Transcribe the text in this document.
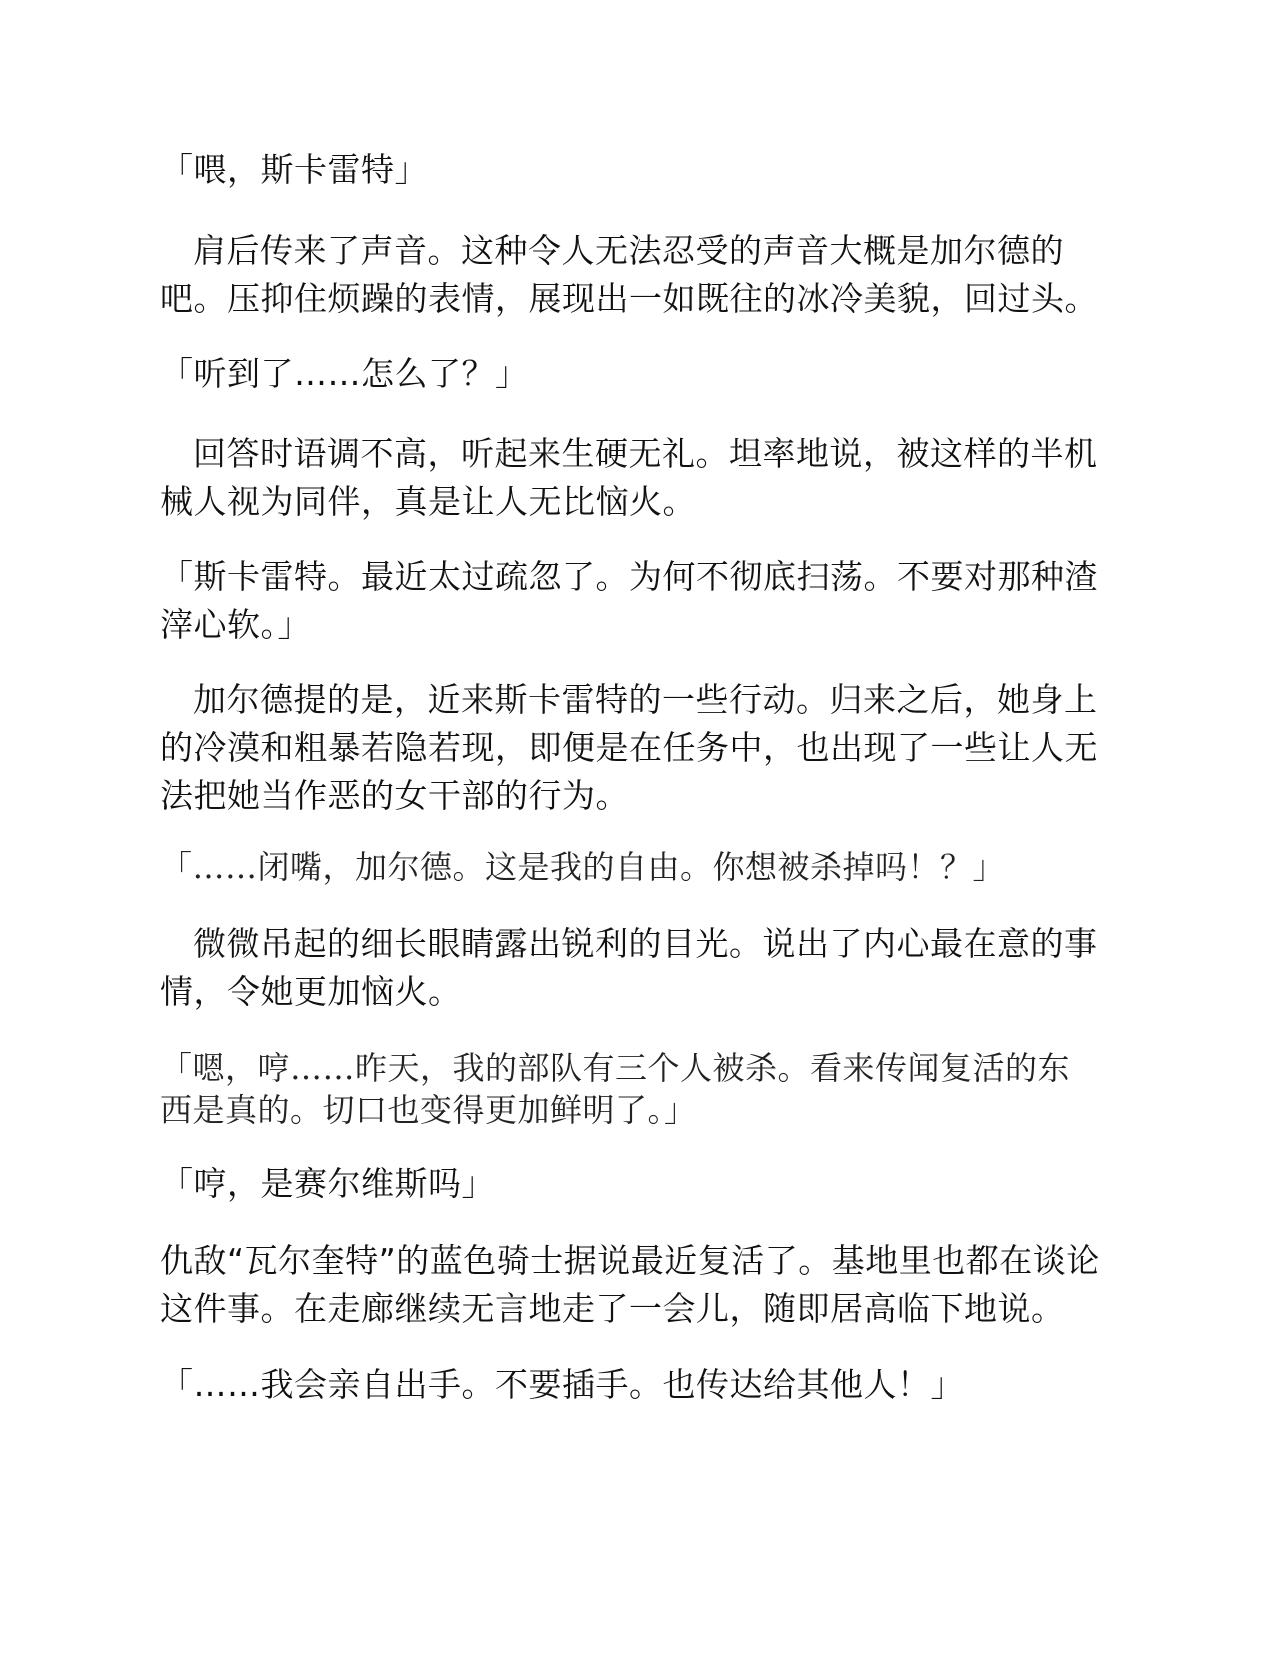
「喂，斯卡雷特」

肩后传来了声音。这种令人无法忍受的声音大概是加尔德的吧。压抑住烦躁的表情，展现出一如既往的冰冷美貌，回过头。

「听到了……怎么了？」

回答时语调不高，听起来生硬无礼。坦率地说，被这样的半机械人视为同伴，真是让人无比恼火。

「斯卡雷特。最近太过疏忽了。为何不彻底扫荡。不要对那种渣滓心软。」

加尔德提的是，近来斯卡雷特的一些行动。归来之后，她身上的冷漠和粗暴若隐若现，即便是在任务中，也出现了一些让人无法把她当作恶的女干部的行为。

「……闭嘴，加尔德。这是我的自由。你想被杀掉吗！？」

微微吊起的细长眼睛露出锐利的目光。说出了内心最在意的事情，令她更加恼火。

「嗯，哼……昨天，我的部队有三个人被杀。看来传闻复活的东西是真的。切口也变得更加鲜明了。」

「哼，是赛尔维斯吗」

仇敌“瓦尔奎特”的蓝色骑士据说最近复活了。基地里也都在谈论这件事。在走廊继续无言地走了一会儿，随即居高临下地说。

「……我会亲自出手。不要插手。也传达给其他人！」
